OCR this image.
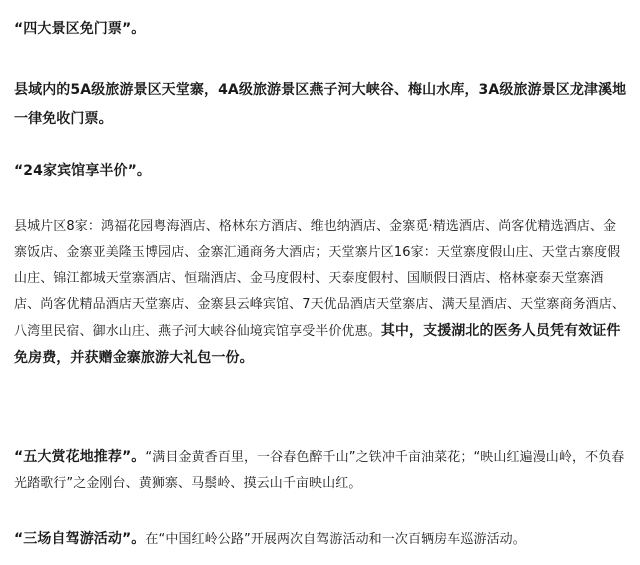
“四大景区免门票”。

县域内的5A级旅游景区天堂寨，4A级旅游景区燕子河大峡谷、梅山水库，3A级旅游景区龙津溪地一律免收门票。

“24家宾馆享半价”。

县城片区8家：鸿福花园粤海酒店、格林东方酒店、维也纳酒店、金寨觅·精选酒店、尚客优精选酒店、金寨饭店、金寨亚美隆玉博园店、金寨汇通商务大酒店；天堂寨片区16家：天堂寨度假山庄、天堂古寨度假山庄、锦江都城天堂寨酒店、恒瑞酒店、金马度假村、天泰度假村、国顺假日酒店、格林豪泰天堂寨酒店、尚客优精品酒店天堂寨店、金寨县云峰宾馆、7天优品酒店天堂寨店、满天星酒店、天堂寨商务酒店、八湾里民宿、御水山庄、燕子河大峡谷仙境宾馆享受半价优惠。其中，支援湖北的医务人员凭有效证件免房费，并获赠金寨旅游大礼包一份。

“五大赏花地推荐”。“满目金黄香百里，一谷春色醉千山”之铁冲千亩油菜花；“映山红遍漫山岭，不负春光踏歌行”之金刚台、黄狮寨、马鬃岭、摸云山千亩映山红。

“三场自驾游活动”。在“中国红岭公路”开展两次自驾游活动和一次百辆房车巡游活动。
